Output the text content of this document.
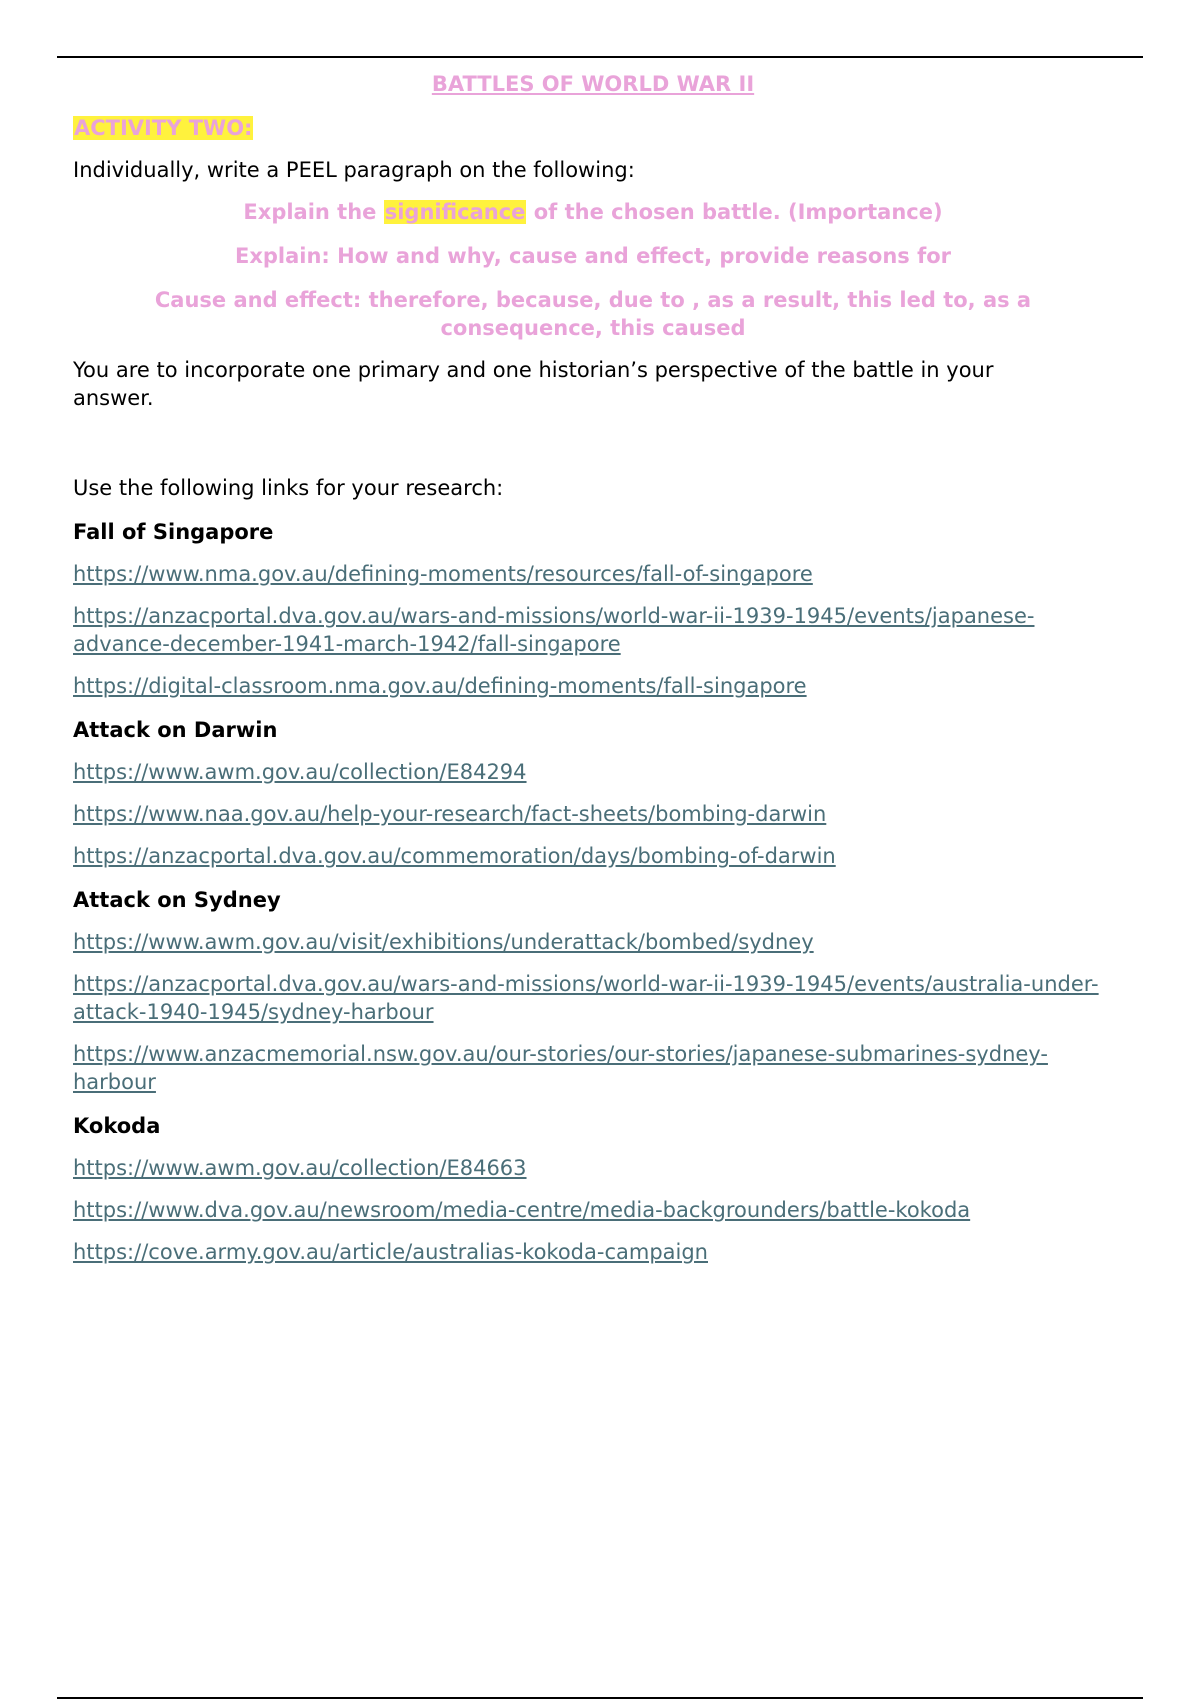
BATTLES OF WORLD WAR II

ACTIVITY TWO:

Individually, write a PEEL paragraph on the following:

Explain the significance of the chosen battle. (Importance)

Explain: How and why, cause and effect, provide reasons for

Cause and effect: therefore, because, due to , as a result, this led to, as a consequence, this caused

You are to incorporate one primary and one historian’s perspective of the battle in your answer.

Use the following links for your research:

Fall of Singapore
https://www.nma.gov.au/defining-moments/resources/fall-of-singapore
https://anzacportal.dva.gov.au/wars-and-missions/world-war-ii-1939-1945/events/japanese-advance-december-1941-march-1942/fall-singapore
https://digital-classroom.nma.gov.au/defining-moments/fall-singapore
Attack on Darwin
https://www.awm.gov.au/collection/E84294
https://www.naa.gov.au/help-your-research/fact-sheets/bombing-darwin
https://anzacportal.dva.gov.au/commemoration/days/bombing-of-darwin
Attack on Sydney
https://www.awm.gov.au/visit/exhibitions/underattack/bombed/sydney
https://anzacportal.dva.gov.au/wars-and-missions/world-war-ii-1939-1945/events/australia-under-attack-1940-1945/sydney-harbour
https://www.anzacmemorial.nsw.gov.au/our-stories/our-stories/japanese-submarines-sydney-harbour
Kokoda
https://www.awm.gov.au/collection/E84663
https://www.dva.gov.au/newsroom/media-centre/media-backgrounders/battle-kokoda
https://cove.army.gov.au/article/australias-kokoda-campaign
